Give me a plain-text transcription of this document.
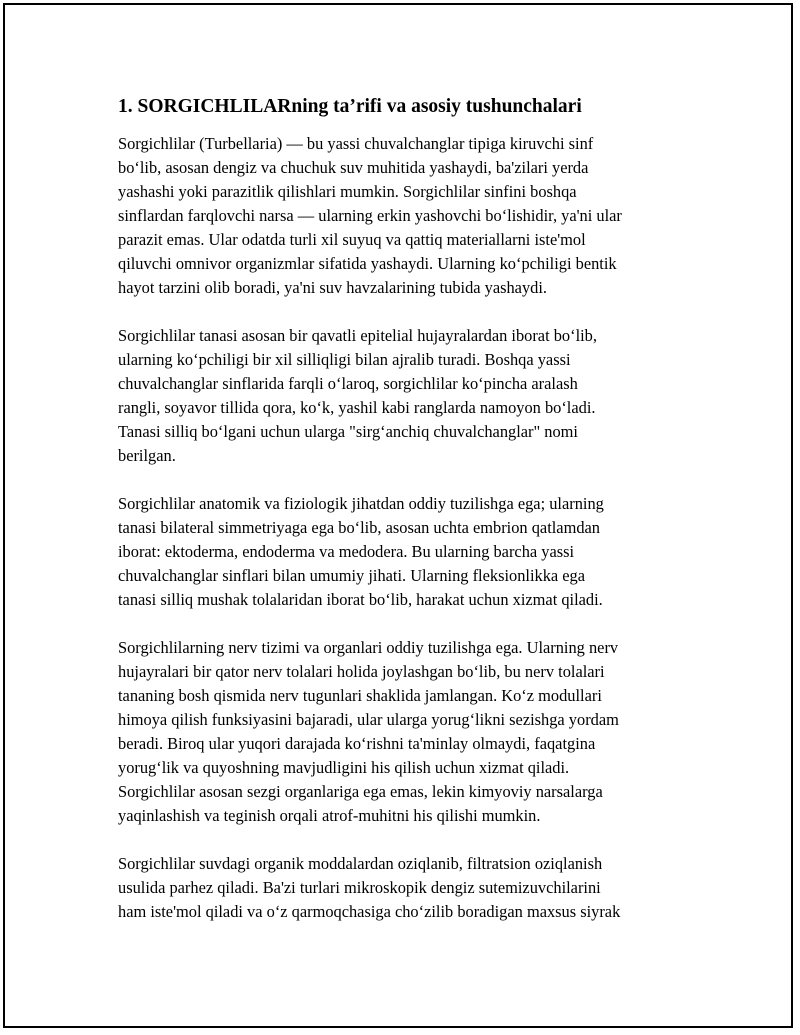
1. SORGICHLILARning ta’rifi va asosiy tushunchalari
Sorgichlilar (Turbellaria) — bu yassi chuvalchanglar tipiga kiruvchi sinf
bo‘lib, asosan dengiz va chuchuk suv muhitida yashaydi, ba'zilari yerda
yashashi yoki parazitlik qilishlari mumkin. Sorgichlilar sinfini boshqa
sinflardan farqlovchi narsa — ularning erkin yashovchi bo‘lishidir, ya'ni ular
parazit emas. Ular odatda turli xil suyuq va qattiq materiallarni iste'mol
qiluvchi omnivor organizmlar sifatida yashaydi. Ularning ko‘pchiligi bentik
hayot tarzini olib boradi, ya'ni suv havzalarining tubida yashaydi.
Sorgichlilar tanasi asosan bir qavatli epitelial hujayralardan iborat bo‘lib,
ularning ko‘pchiligi bir xil silliqligi bilan ajralib turadi. Boshqa yassi
chuvalchanglar sinflarida farqli o‘laroq, sorgichlilar ko‘pincha aralash
rangli, soyavor tillida qora, ko‘k, yashil kabi ranglarda namoyon bo‘ladi.
Tanasi silliq bo‘lgani uchun ularga "sirg‘anchiq chuvalchanglar" nomi
berilgan.
Sorgichlilar anatomik va fiziologik jihatdan oddiy tuzilishga ega; ularning
tanasi bilateral simmetriyaga ega bo‘lib, asosan uchta embrion qatlamdan
iborat: ektoderma, endoderma va medodera. Bu ularning barcha yassi
chuvalchanglar sinflari bilan umumiy jihati. Ularning fleksionlikka ega
tanasi silliq mushak tolalaridan iborat bo‘lib, harakat uchun xizmat qiladi.
Sorgichlilarning nerv tizimi va organlari oddiy tuzilishga ega. Ularning nerv
hujayralari bir qator nerv tolalari holida joylashgan bo‘lib, bu nerv tolalari
tananing bosh qismida nerv tugunlari shaklida jamlangan. Ko‘z modullari
himoya qilish funksiyasini bajaradi, ular ularga yorug‘likni sezishga yordam
beradi. Biroq ular yuqori darajada ko‘rishni ta'minlay olmaydi, faqatgina
yorug‘lik va quyoshning mavjudligini his qilish uchun xizmat qiladi.
Sorgichlilar asosan sezgi organlariga ega emas, lekin kimyoviy narsalarga
yaqinlashish va teginish orqali atrof-muhitni his qilishi mumkin.
Sorgichlilar suvdagi organik moddalardan oziqlanib, filtratsion oziqlanish
usulida parhez qiladi. Ba'zi turlari mikroskopik dengiz sutemizuvchilarini
ham iste'mol qiladi va o‘z qarmoqchasiga cho‘zilib boradigan maxsus siyrak
